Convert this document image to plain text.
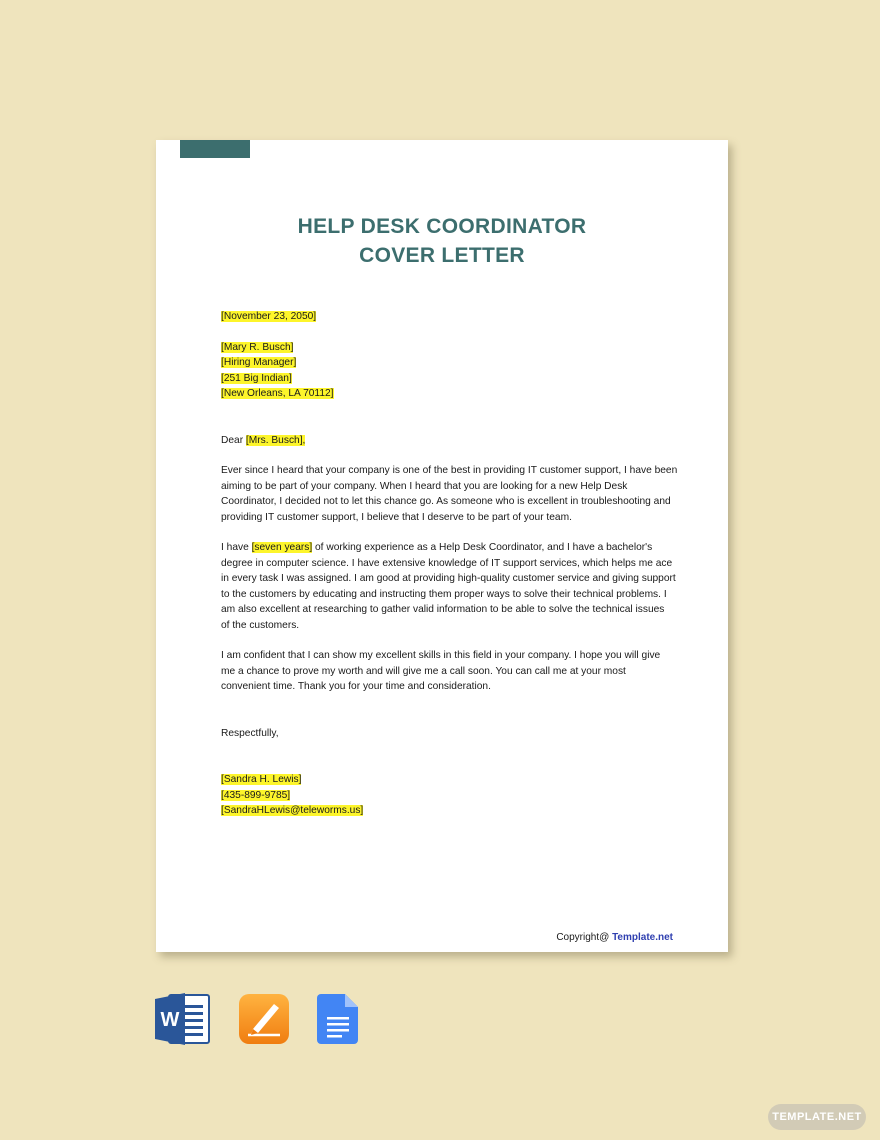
HELP DESK COORDINATOR
COVER LETTER
[November 23, 2050]
[Mary R. Busch]
[Hiring Manager]
[251 Big Indian]
[New Orleans, LA 70112]
Dear [Mrs. Busch],
Ever since I heard that your company is one of the best in providing IT customer support, I have been
aiming to be part of your company. When I heard that you are looking for a new Help Desk
Coordinator, I decided not to let this chance go. As someone who is excellent in troubleshooting and
providing IT customer support, I believe that I deserve to be part of your team.
I have [seven years] of working experience as a Help Desk Coordinator, and I have a bachelor's
degree in computer science. I have extensive knowledge of IT support services, which helps me ace
in every task I was assigned. I am good at providing high-quality customer service and giving support
to the customers by educating and instructing them proper ways to solve their technical problems. I
am also excellent at researching to gather valid information to be able to solve the technical issues
of the customers.
I am confident that I can show my excellent skills in this field in your company. I hope you will give
me a chance to prove my worth and will give me a call soon. You can call me at your most
convenient time. Thank you for your time and consideration.
Respectfully,
[Sandra H. Lewis]
[435-899-9785]
[SandraHLewis@teleworms.us]
Copyright@ Template.net
W
TEMPLATE.NET
